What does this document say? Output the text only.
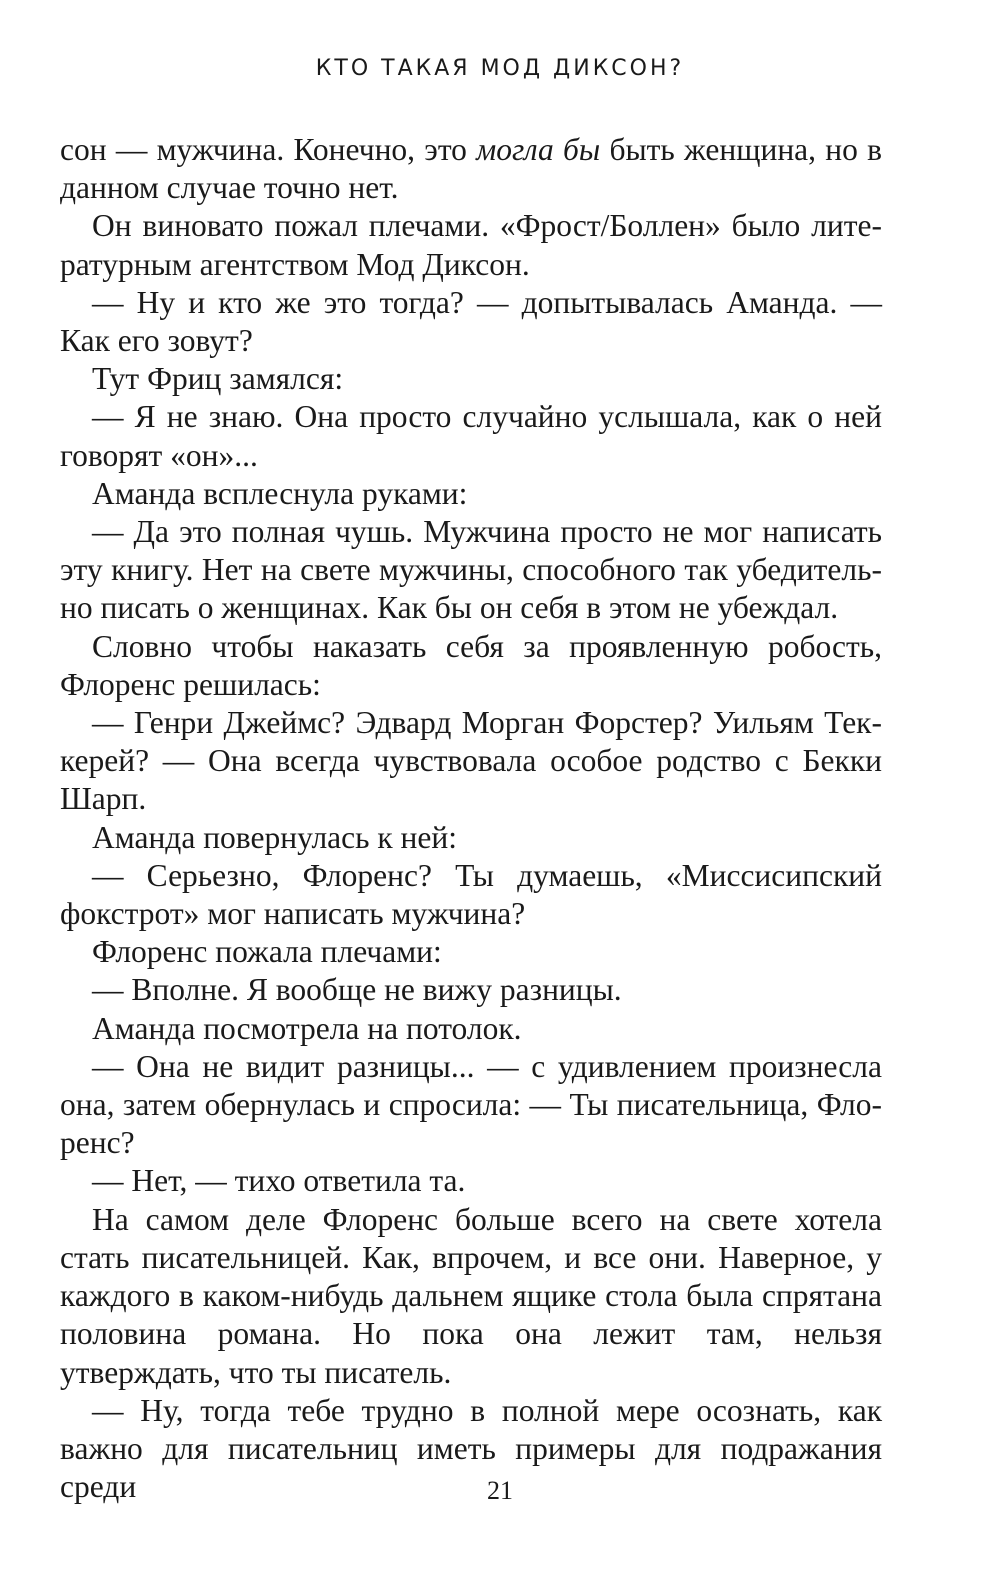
КТО ТАКАЯ МОД ДИКСОН?

сон — мужчина. Конечно, это могла бы быть женщина, но в данном случае точно нет.

Он виновато пожал плечами. «Фрост/Боллен» было литературным агентством Мод Диксон.

— Ну и кто же это тогда? — допытывалась Аманда. — Как его зовут?

Тут Фриц замялся:

— Я не знаю. Она просто случайно услышала, как о ней говорят «он»...

Аманда всплеснула руками:

— Да это полная чушь. Мужчина просто не мог написать эту книгу. Нет на свете мужчины, способного так убедительно писать о женщинах. Как бы он себя в этом не убеждал.

Словно чтобы наказать себя за проявленную робость, Флоренс решилась:

— Генри Джеймс? Эдвард Морган Форстер? Уильям Теккерей? — Она всегда чувствовала особое родство с Бекки Шарп.

Аманда повернулась к ней:

— Серьезно, Флоренс? Ты думаешь, «Миссисипский фокстрот» мог написать мужчина?

Флоренс пожала плечами:

— Вполне. Я вообще не вижу разницы.

Аманда посмотрела на потолок.

— Она не видит разницы... — с удивлением произнесла она, затем обернулась и спросила: — Ты писательница, Флоренс?

— Нет, — тихо ответила та.

На самом деле Флоренс больше всего на свете хотела стать писательницей. Как, впрочем, и все они. Наверное, у каждого в каком-нибудь дальнем ящике стола была спрятана половина романа. Но пока она лежит там, нельзя утверждать, что ты писатель.

— Ну, тогда тебе трудно в полной мере осознать, как важно для писательниц иметь примеры для подражания среди	21
